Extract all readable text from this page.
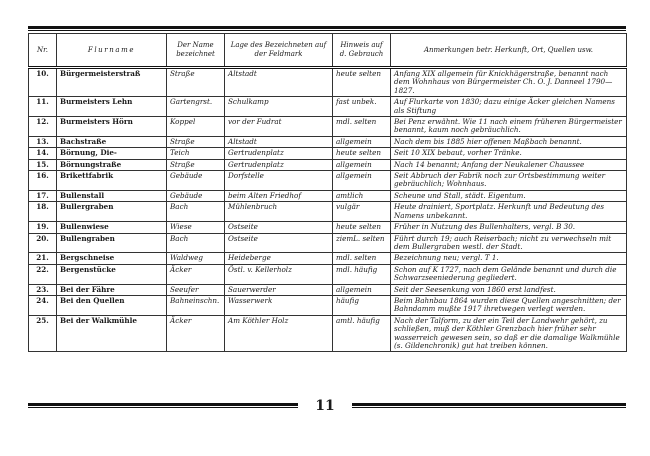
Nr.	Flurname	Der Name bezeichnet	Lage des Bezeichneten auf der Feldmark	Hinweis auf d. Gebrauch	Anmerkungen betr. Herkunft, Ort, Quellen usw.
10.	Bürgermeisterstraß	Straße	Altstadt	heute selten	Anfang XIX allgemein für Knickhägerstraße, benannt nach dem Wohnhaus von Bürgermeister Ch. O. J. Danneel 1790—1827.
11.	Burmeisters Lehn	Gartengrst.	Schulkamp	fast unbek.	Auf Flurkarte von 1830; dazu einige Äcker gleichen Namens als Stiftung
12.	Burmeisters Hörn	Koppel	vor der Fudrat	mdl. selten	Bei Penz erwähnt. Wie 11 nach einem früheren Bürgermeister benannt, kaum noch gebräuchlich.
13.	Bachstraße	Straße	Altstadt	allgemein	Nach dem bis 1885 hier offenen Maßbach benannt.
14.	Börnung, Die-	Teich	Gertrudenplatz	heute selten	Seit 10 XIX bebaut, vorher Tränke.
15.	Börnungstraße	Straße	Gertrudenplatz	allgemein	Nach 14 benannt; Anfang der Neukalener Chaussee
16.	Brikettfabrik	Gebäude	Dorfstelle	allgemein	Seit Abbruch der Fabrik noch zur Ortsbestimmung weiter gebräuchlich; Wohnhaus.
17.	Bullenstall	Gebäude	beim Alten Friedhof	amtlich	Scheune und Stall, städt. Eigentum.
18.	Bullergraben	Bach	Mühlenbruch	vulgär	Heute drainiert, Sportplatz. Herkunft und Bedeutung des Namens unbekannt.
19.	Bullenwiese	Wiese	Ostseite	heute selten	Früher in Nutzung des Bullenhalters, vergl. B 30.
20.	Bullengraben	Bach	Ostseite	ziemL. selten	Führt durch 19; auch Reiserbach; nicht zu verwechseln mit dem Bullergraben westl. der Stadt.
21.	Bergschneise	Waldweg	Heideberge	mdl. selten	Bezeichnung neu; vergl. T 1.
22.	Bergenstücke	Äcker	Östl. v. Kellerholz	mdl. häufig	Schon auf K 1727, nach dem Gelände benannt und durch die Schwarzseeniederung gegliedert.
23.	Bei der Fähre	Seeufer	Sauerwerder	allgemein	Seit der Seesenkung von 1860 erst landfest.
24.	Bei den Quellen	Bahneinschn.	Wasserwerk	häufig	Beim Bahnbau 1864 wurden diese Quellen angeschnitten; der Bahndamm mußte 1917 ihretwegen verlegt werden.
25.	Bei der Walkmühle	Äcker	Am Köthler Holz	amtl. häufig	Nach der Talform, zu der ein Teil der Landwehr gehört, zu schließen, muß der Köthler Grenzbach hier früher sehr wasserreich gewesen sein, so daß er die damalige Walkmühle (s. Gildenchronik) gut hat treiben können.
11
